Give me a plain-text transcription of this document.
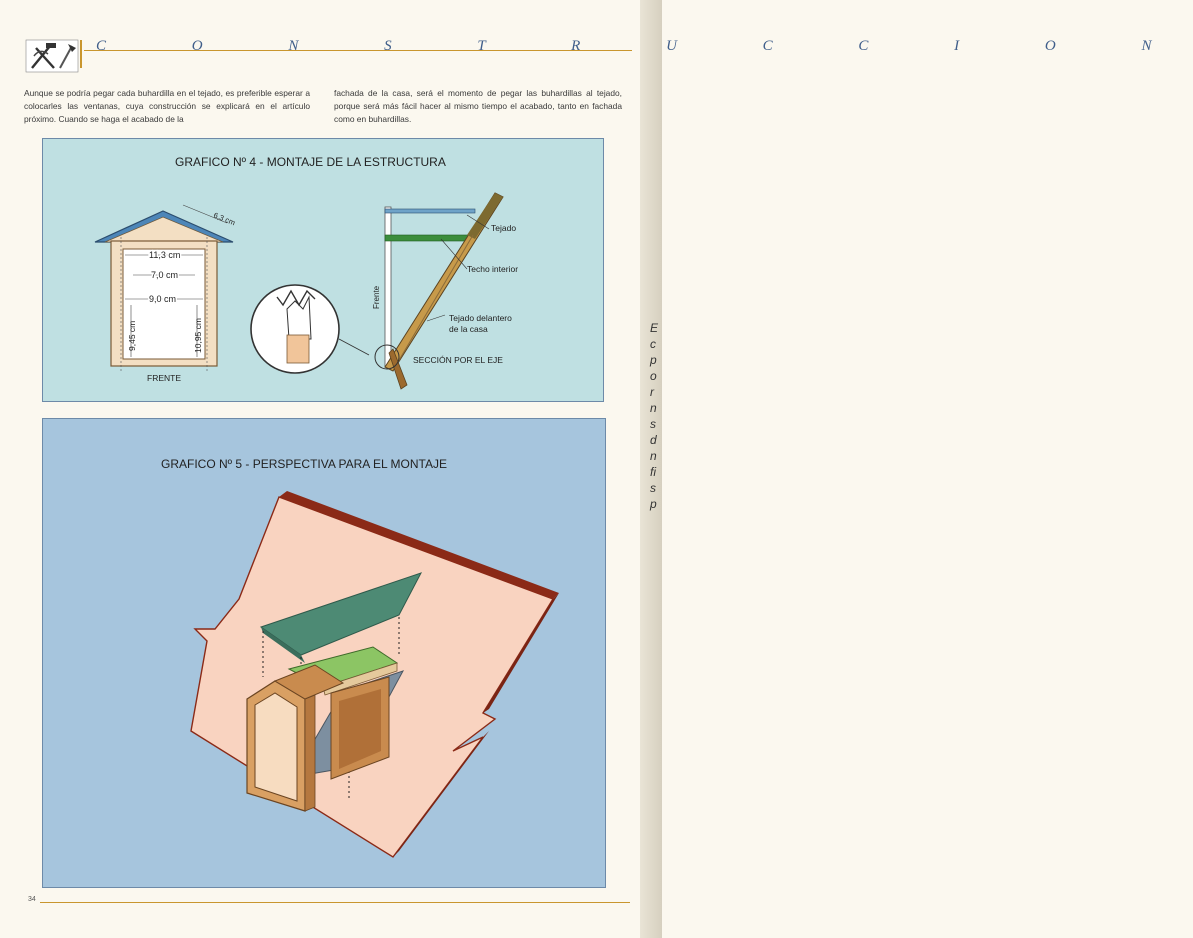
C O N S T R U C C I O N
Aunque se podría pegar cada buhardilla en el tejado, es preferible esperar a colocarles las ventanas, cuya construcción se explicará en el artículo próximo. Cuando se haga el acabado de la
fachada de la casa, será el momento de pegar las buhardillas al tejado, porque será más fácil hacer al mismo tiempo el acabado, tanto en fachada como en buhardillas.
GRAFICO Nº 4 - MONTAJE DE LA ESTRUCTURA
6,3 cm
11,3 cm
7,0 cm
9,0 cm
9,45 cm	10,95 cm
FRENTE
Tejado
Techo interior
Tejado delantero
de la casa
SECCIÓN POR EL EJE
Frente
GRAFICO Nº 5 - PERSPECTIVA PARA EL MONTAJE
34
E
c
p
o
r
n
s
d
n
fi
s
p
